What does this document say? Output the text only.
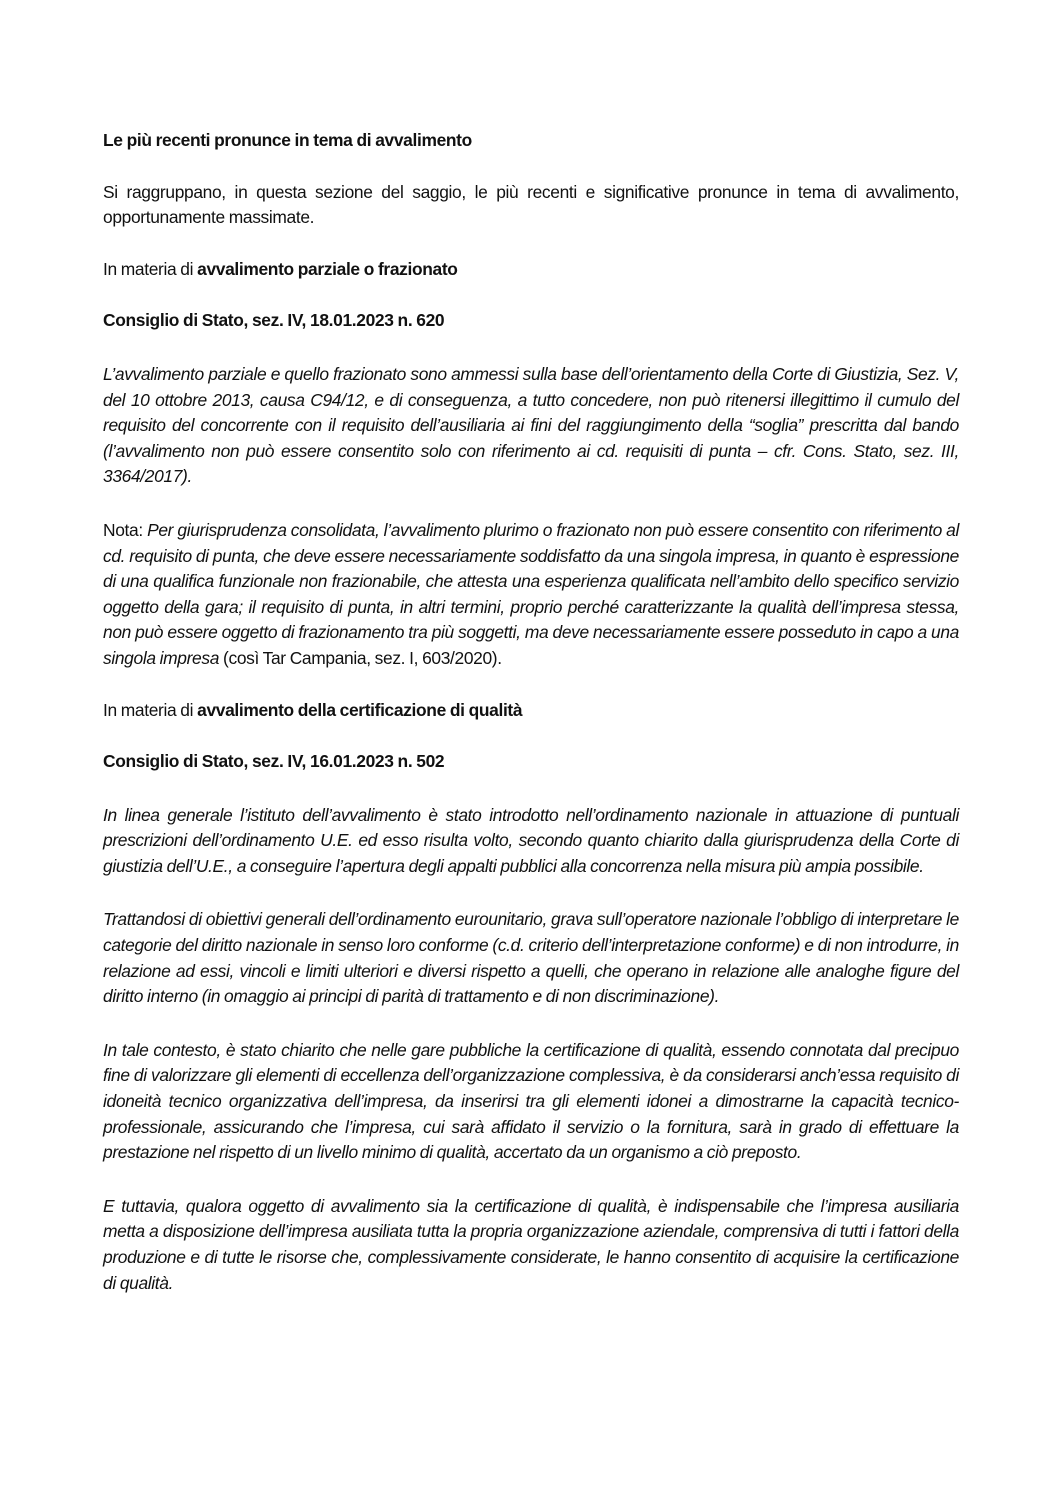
Le più recenti pronunce in tema di avvalimento

Si raggruppano, in questa sezione del saggio, le più recenti e significative pronunce in tema di avvalimento, opportunamente massimate.

In materia di avvalimento parziale o frazionato

Consiglio di Stato, sez. IV, 18.01.2023 n. 620

L’avvalimento parziale e quello frazionato sono ammessi sulla base dell’orientamento della Corte di Giustizia, Sez. V, del 10 ottobre 2013, causa C94/12, e di conseguenza, a tutto concedere, non può ritenersi illegittimo il cumulo del requisito del concorrente con il requisito dell’ausiliaria ai fini del raggiungimento della “soglia” prescritta dal bando (l’avvalimento non può essere consentito solo con riferimento ai cd. requisiti di punta – cfr. Cons. Stato, sez. III, 3364/2017).

Nota: Per giurisprudenza consolidata, l’avvalimento plurimo o frazionato non può essere consentito con riferimento al cd. requisito di punta, che deve essere necessariamente soddisfatto da una singola impresa, in quanto è espressione di una qualifica funzionale non frazionabile, che attesta una esperienza qualificata nell’ambito dello specifico servizio oggetto della gara; il requisito di punta, in altri termini, proprio perché caratterizzante la qualità dell’impresa stessa, non può essere oggetto di frazionamento tra più soggetti, ma deve necessariamente essere posseduto in capo a una singola impresa (così Tar Campania, sez. I, 603/2020).

In materia di avvalimento della certificazione di qualità

Consiglio di Stato, sez. IV, 16.01.2023 n. 502

In linea generale l’istituto dell’avvalimento è stato introdotto nell’ordinamento nazionale in attuazione di puntuali prescrizioni dell’ordinamento U.E. ed esso risulta volto, secondo quanto chiarito dalla giurisprudenza della Corte di giustizia dell’U.E., a conseguire l’apertura degli appalti pubblici alla concorrenza nella misura più ampia possibile.

Trattandosi di obiettivi generali dell’ordinamento eurounitario, grava sull’operatore nazionale l’obbligo di interpretare le categorie del diritto nazionale in senso loro conforme (c.d. criterio dell’interpretazione conforme) e di non introdurre, in relazione ad essi, vincoli e limiti ulteriori e diversi rispetto a quelli, che operano in relazione alle analoghe figure del diritto interno (in omaggio ai principi di parità di trattamento e di non discriminazione).

In tale contesto, è stato chiarito che nelle gare pubbliche la certificazione di qualità, essendo connotata dal precipuo fine di valorizzare gli elementi di eccellenza dell’organizzazione complessiva, è da considerarsi anch’essa requisito di idoneità tecnico organizzativa dell’impresa, da inserirsi tra gli elementi idonei a dimostrarne la capacità tecnico-professionale, assicurando che l’impresa, cui sarà affidato il servizio o la fornitura, sarà in grado di effettuare la prestazione nel rispetto di un livello minimo di qualità, accertato da un organismo a ciò preposto.

E tuttavia, qualora oggetto di avvalimento sia la certificazione di qualità, è indispensabile che l’impresa ausiliaria metta a disposizione dell’impresa ausiliata tutta la propria organizzazione aziendale, comprensiva di tutti i fattori della produzione e di tutte le risorse che, complessivamente considerate, le hanno consentito di acquisire la certificazione di qualità.
